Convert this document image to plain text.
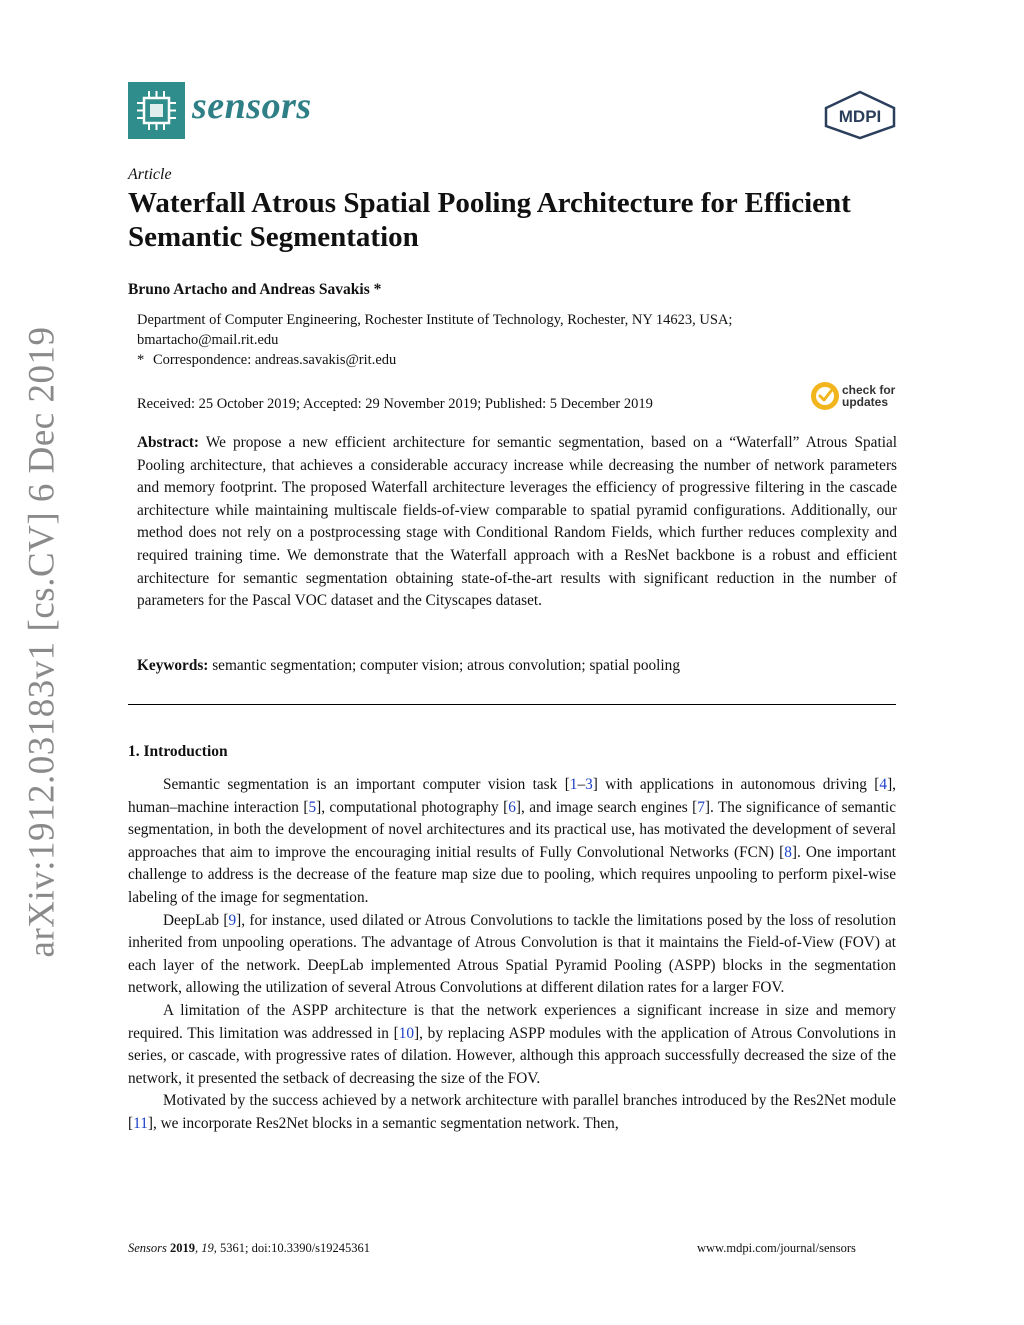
sensors	MDPI
arXiv:1912.03183v1 [cs.CV] 6 Dec 2019
Article
Waterfall Atrous Spatial Pooling Architecture for Efficient Semantic Segmentation
Bruno Artacho and Andreas Savakis *
Department of Computer Engineering, Rochester Institute of Technology, Rochester, NY 14623, USA;
bmartacho@mail.rit.edu
* Correspondence: andreas.savakis@rit.edu
Received: 25 October 2019; Accepted: 29 November 2019; Published: 5 December 2019
check for
updates
Abstract: We propose a new efficient architecture for semantic segmentation, based on a “Waterfall” Atrous Spatial Pooling architecture, that achieves a considerable accuracy increase while decreasing the number of network parameters and memory footprint. The proposed Waterfall architecture leverages the efficiency of progressive filtering in the cascade architecture while maintaining multiscale fields-of-view comparable to spatial pyramid configurations. Additionally, our method does not rely on a postprocessing stage with Conditional Random Fields, which further reduces complexity and required training time. We demonstrate that the Waterfall approach with a ResNet backbone is a robust and efficient architecture for semantic segmentation obtaining state-of-the-art results with significant reduction in the number of parameters for the Pascal VOC dataset and the Cityscapes dataset.
Keywords: semantic segmentation; computer vision; atrous convolution; spatial pooling
1. Introduction

Semantic segmentation is an important computer vision task [1–3] with applications in autonomous driving [4], human–machine interaction [5], computational photography [6], and image search engines [7]. The significance of semantic segmentation, in both the development of novel architectures and its practical use, has motivated the development of several approaches that aim to improve the encouraging initial results of Fully Convolutional Networks (FCN) [8]. One important challenge to address is the decrease of the feature map size due to pooling, which requires unpooling to perform pixel-wise labeling of the image for segmentation.

DeepLab [9], for instance, used dilated or Atrous Convolutions to tackle the limitations posed by the loss of resolution inherited from unpooling operations. The advantage of Atrous Convolution is that it maintains the Field-of-View (FOV) at each layer of the network. DeepLab implemented Atrous Spatial Pyramid Pooling (ASPP) blocks in the segmentation network, allowing the utilization of several Atrous Convolutions at different dilation rates for a larger FOV.

A limitation of the ASPP architecture is that the network experiences a significant increase in size and memory required. This limitation was addressed in [10], by replacing ASPP modules with the application of Atrous Convolutions in series, or cascade, with progressive rates of dilation. However, although this approach successfully decreased the size of the network, it presented the setback of decreasing the size of the FOV.

Motivated by the success achieved by a network architecture with parallel branches introduced by the Res2Net module [11], we incorporate Res2Net blocks in a semantic segmentation network. Then,

Sensors 2019, 19, 5361; doi:10.3390/s19245361	www.mdpi.com/journal/sensors
